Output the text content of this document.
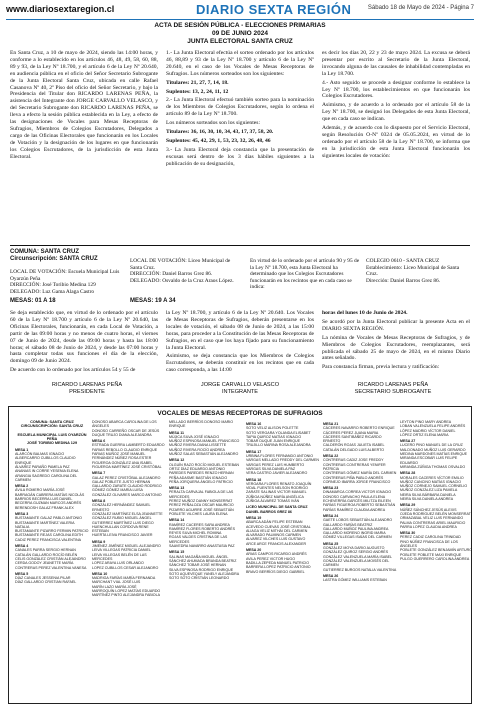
www.diariosextaregion.cl	DIARIO SEXTA REGIÓN	Sábado 18 de Mayo de 2024 - Página 7
ACTA DE SESIÓN PÚBLICA - ELECCIONES PRIMARIAS
09 DE JUNIO 2024
JUNTA ELECTORAL SANTA CRUZ

En Santa Cruz, a 10 de mayo de 2024, siendo las 14:00 horas, y conforme a lo establecido en los artículos 46, 48, 49, 58, 60, 88, 89 y 93, de la Ley Nº 18.700, y el artículo 6 de la Ley Nº 20.640, en audiencia pública en el oficio del Señor Secretario Subrogante de la Junta Electoral Santa Cruz, ubicada en calle Rafael Casanova Nº 40, 2º Piso del oficio del Señor Secretario, y bajo la Presidencia del Titular don RICARDO LARENAS PEÑA, la asistencia del Integrante don JORGE CARVALLO VELASCO, y del Secretario Subrogante don RICARDO LARENAS PEÑA, se lleva a efecto la sesión pública establecida en la Ley, a efecto de las designaciones de Vocales para Mesas Receptoras de Sufragios, Miembros de Colegios Escrutadores, Delegados a cargo de las Oficinas Electorales que funcionarán en los Locales de Votación y la designación de los lugares en que funcionarán los Colegios Escrutadores, de la jurisdicción de esta Junta Electoral.

1.- La Junta Electoral efectúa el sorteo ordenado por los artículos 46, 88,89 y 93 de la Ley Nº 18.700 y artículo 6 de la Ley Nº 20.640, en el caso de los Vocales de Mesas Receptoras de Sufragios. Los números sorteados son los siguientes:

Titulares: 21, 27, 7, 14, 18.

Suplentes: 13, 2, 24, 11, 12

2.- La Junta Electoral efectuó también sorteo para la nominación de los Miembros de Colegios Escrutadores, según lo ordena el artículo 89 de la Ley Nº 18.700.

Los números sorteados son los siguientes:

Titulares: 36, 16, 30, 10, 34, 43, 17, 37, 58, 20.

Suplentes: 45, 42, 29, 1, 53, 23, 32, 26, 48, 46

3.- La Junta Electoral deja constancia que la presentación de excusas será dentro de los 3 días hábiles siguientes a la publicación de su designación,

es decir los días 20, 22 y 23 de mayo 2024. La excusa se deberá presentar por escrito al Secretario de la Junta Electoral, invocando alguna de las causales de inhabilidad contempladas en la Ley 18.700.

4.- Asto seguido se procede a designar conforme lo establece la Ley Nº 18.700, los establecimientos en que funcionarán los Colegios Escrutadores.

Asimismo, y de acuerdo a lo ordenado por el artículo 58 de la Ley Nº 18.700, se designó los Delegados de esta Junta Electoral, que en cada caso se indican.

Además, y de acuerdo con lo dispuesto por el Servicio Electoral, según Resolución O-Nº 0324 de 05.05.2024, en virtud de lo ordenado por el artículo 58 de la Ley Nº 18.700, se informa que en la jurisdicción de esta Junta Electoral funcionarán los siguientes locales de votación:

COMUNA: SANTA CRUZ
Circunscripción: SANTA CRUZ
LOCAL DE VOTACIÓN: Escuela Municipal Luis Oyarzún Peña
DIRECCIÓN: José Toribio Medina 129
DELEGADO: Luz Gama Alaga Castro
LOCAL DE VOTACIÓN: Liceo Municipal de Santa Cruz.
DIRECCIÓN: Daniel Barros Grez 86.
DELEGADO: Osvaldo de la Cruz Araos López.
En virtud de lo ordenado por el artículo 90 y 95 de la Ley Nº 18.700, esta Junta Electoral ha determinado que los Colegios Escrutadores funcionarán en los recintos que en cada caso se indica:
COLEGIO 0610 - SANTA CRUZ
Establecimiento: Liceo Municipal de Santa Cruz.
Dirección: Daniel Barros Grez 86.
MESAS: 01 A 18	MESAS: 19 A 34

Se deja establecido que, en virtud de lo ordenado por el artículo 60 de la Ley Nº 18.700 y artículo 6 de la Ley Nº 20.640, las Oficinas Electorales, funcionarán, en cada Local de Votación, a partir de las 09:00 horas y no menos de cuatro horas, el viernes 07 de Junio de 2024, desde las 09:00 horas y hasta las 18:00 horas; el sábado 08 de Junio de 2024, y desde las 07:00 horas y hasta completar todas sus funciones el día de la elección, domingo 09 de Junio 2024.

De acuerdo con lo ordenado por los artículos 54 y 55 de

la Ley Nº 18.700, y artículo 6 de la Ley Nº 20.640. Los Vocales de Mesas Receptoras de Sufragios, deberán presentarse en los locales de votación, el sábado 08 de Junio de 2024, a las 15:00 horas, para proceder a la Constitución de las Mesas Receptoras de Sufragios, en el caso que los haya fijado para su funcionamiento la Junta Electoral.

Asimismo, se deja constancia que los Miembros de Colegios Escrutadores, se deberán constituir en los recintos que en cada caso corresponda, a las 14:00

horas del lunes 10 de Junio de 2024.

Se acordó por la Junta Electoral publicar la presente Acta en el DIARIO SEXTA REGIÓN.

La nómina de Vocales de Mesas Receptoras de Sufragios, y de Miembros de Colegios Escrutadores, reemplazantes, será publicada el sábado 25 de mayo de 2024, en el mismo Diario antes señalado.

Para constancia firman, previa lectura y ratificación:

RICARDO LARENAS PEÑA
PRESIDENTE
JORGE CARVALLO VELASCO
INTEGRANTE
RICARDO LARENAS PEÑA
SECRETARIO SUBROGANTE
VOCALES DE MESAS RECEPTORAS DE SUFRAGIOS
COMUNA: SANTA CRUZ
CIRCUNSCRIPCIÓN: SANTA CRUZ

ESCUELA MUNICIPAL LUIS OYARZÚN PEÑA
JOSÉ TORIBIO MEDINA 129
MESA 1
ALARCÓN BALMAS IGNACIO
ALBERCARRO CUBILLOS CLAUDIO ENRIQUE
ÁLVAREZ PARAÑO PAMELA PAZ
ANANIAS IN CORRE YESENIA ELENA
ARANGIA SAGREDO CAROLINA DEL CARMEN
MESA 2
ÁVILA ROMERO MARÍA JOSÉ
BARRAGÁN CABRERA MATÍAS NICOLÁS
BARRIOS BECERRA LUIS DANIEL
BECERRA GUZMAN MARCOS ANDRÉS
BERENDOSH GALAZ FRANK ALEX
MESA 3
BUSTAMANTE GALAZ PABLO ANTONIO
BUSTAMANTE MARTÍNEZ VALERIA NATALIA
BUSTAMANTE PIZARRO FERMIN PATRICIO
BUSTAMANTE REJAS CAROLINA EDITH
CADIZ PEREZ FRANCISCA VALENTINA
MESA 4
CANALES PARRA SERGIO HERNAN
CATALÁN GALLARDO ROCÍO BELÉN
CELIS GONZÁLEZ CRISTIÁN ALEJANDRO
CERDA GODOY JEANETTE MARÍA
CONTRERAS PEREZ VALENTINA VANESA
MESA 5
DÍAZ CANALES JESSENIA PILAR
DÍAZ GALLARDO CRISTIAN RAFAEL
DONOSO ABARCA CAROLINA DE LOS ÁNGELES
DONOSO CARREÑO OSCAR DE JESÚS
DUQUE TRUJO DIANA ALEJANDRA
MESA 6
ESTRADA GUERRA LAMBERTO EDUARDO
FARIAS REBOLLO CLAUDIO ENRIQUE
FARIAS MUÑOZ JOSÉ MANUEL
FERNÁNDEZ NÚÑEZ ROSA ESTER
FIGUEROA GONZÁLEZ ANA ISABEL
FIGUEROA MARTÍNEZ JOSÉ CRISTÓBAL
MESA 7
GALAZ PEREZ CRISTÓBAL ALEJANDRO
GALAZ POBLETE JUSTO HERNAN
GALLARDO ZARATE CLAUDIO RODRIGO
GÓMEZ GÓMEZ MARÍA LUISA
GONZÁLEZ OLIVARES MARCO ANTONIO
MESA 8
GONZÁLEZ HERNÁNDEZ SAMUEL ERNESTO
GONZÁLEZ MARTÍNEZ ELSA JEANNETTE
GONZÁLEZ RUBIO MIGUEL ÁNGEL
GUTIERREZ MARTÍNEZ LUIS DIEGO
HUENCHULLAN CORDOVA RENE ESTEBAN
HUERTA LEIVA FRANCISCO JAVIER
MESA 9
JIMÉNEZ JIMÉNEZ MIGUEL ALEJANDRO
LEIVA VILLEGAS PATRICIA DANIEL
LEIVA VILLEGAS BELÉN DE LAS MERCEDES
LOPEZ ARAYA LUIS ORLANDO
LOPEZ CUBILLOS CESAR ALEJANDRO
MESA 10
MADRIGA FARÍAS MARÍA FERNANDA
MARCHANT VIAL JOSÉ LUIS
MARÍN LAZO MARÍA JOSÉ
MARROQUÍN LOPEZ MATÍAS EDUARDO
MARTÍNEZ PINTO ALEJANDRA FABIOLA
MELLADO BERRÍOS DONOSO MARIO ENRIQUE
MESA 11
MÚJICA SILVA JOSÉ IGNACIO
MUÑOZ ESPINOSA MANUEL FRANCISCO
MUÑOZ RIVERA DIANA LISSETTE
MUÑOZ RIVERA ROCÍO ANDREA
MUÑOZ SALAS SEBASTIÁN ALEJANDRO
MESA 12
OLGUÍN RAZO ROCÍO MIGUEL ESTEBAN
ORTIZ DÍAZ EDUARDO ANTONIO
PAREDES PAREDES RENZO HERNAN
PEÑA ADASME BASTIÁN IGNACIO
PEÑA JORQUERA ÁNGELO PATRICIO
MESA 13
PERALTA CARVAJAL FABIOLA DE LAS MERCEDES
PEREZ MUÑOZ DANNY MONSERRAT
PEREZ PEÑALOZA OSCAR MAURICIO
PIZARRO AGUIRRE JOSÉ SEBASTIÁN
POBLETE VILCHES LAURA ELENA
MESA 14
RAMÍREZ CACERES SARA ANDREA
RAMÍREZ FLORES ROBERTO ANDRÉS
REYES SILVA MICHEL ROMINA
ROJAS VALDES CRISTINA DE LAS MERCEDES
SAAVEDRA NAVARRO ANASTASIA PAZ
MESA 15
SALINAS MAGAÑA MIGUEL ÁNGEL
SÁNCHEZ AHUMADA BRANDA BEATRIZ
SÁNCHEZ TOBAR JOSÉ HERNAN
SILVA ESPINOSA RODRIGO ENRIQUE
SOTO AQUEVEQUE YANELY ALEJANDRA
SOTO SOTO CRISTIÁN LEONARDO
MESA 16
SOTO VELIZ ALISON POLETTE
SOTO VERGARA YOLANDA ELISABET
TAPIA QUIROZ MATÍAS IGNACIO
TOBAR DUQUE JUAN ENRIQUE
TRUJILLO MARINA ROSA ALEJANDRA
MESA 17
URBINA FLORES FERNANDO ANTONIO
VARGAS MELLADO FREDDY DEL CARMEN
VARGAS PEREZ LUIS HUMBERTO
VARGAS SILVA DANIELA PAZ
VERA CASTRO JAVIER ALEJANDRO
MESA 18
VERGARA FLORES RENATO JOAQUÍN
VIDAL FUENTES NELSON RODRIGO
ZARATE SALINAS VICTOR MANUEL
ZÚÑIGA NÚÑEZ MARÍA ANGÉLICA
ZÚÑIGA ÁLVAREZ TOMÁS IVÁN
LICEO MUNICIPAL DE SANTA CRUZ
DANIEL BARROS GREZ 86
MESA 19
ABARCA ADÁN FELIPE ESTEBAN
ACEVEDO CUEVAS JOSÉ CRISTOBAL
ALIAGA VELIZ MITHÁI DEL CARMEN
ALVARADO PALMINOS CARMEN
ALVAREZ VILCHES LUIS GUSTAVO
ARCE ARCE FRANCIS ALEXANDER
MESA 20
ARIAS CAMPOS RICARDO ANDRÉS
AVILA PEREZ VICTOR HUGO
BADILLA ZEPEDA MANUEL PATRICIO
BARRERA LOPEZ PATRICIO ANTONIO
BRAVO BERRÍOS DIEGO GABRIEL
MESA 21
CÁCERES NAVARRO ROBERTO ENRIQUE
CÁCERES PEREZ JUANA MARIA
CÁCERES SANTIBÁÑEZ RICARDO ERNESTO
CALDERÓN ROJAS JULIETA ISABEL
CATALÁN DELGADO LUIS ALBERTO
MESA 22
CONTRERAS CADIZ JOSE FREDDY
CONTRERAS CONTRERAS YENIFER PATRICIA
CONTRERAS GÓMEZ MARÍA DEL CARMEN
CONTRERAS PIÑA PABLO ANDRÉS
CORNEJO IBARRA JORGE FRANCISCO
MESA 23
DINAMARCA CORREA VICTOR IGNACIO
DONOSO CARVACHO PAULA ELENA
ECHEVERRÍA GARCÉS MILITZA EILEEN
FARÍAS FIGUEROA ROBERTO SEBASTIÁN
FARÍAS RAMÍREZ CLAUDIA ANDREA
MESA 24
GAETE LOBOS SEBASTIÁN ALEJANDRO
GALLARDO FARÍAS BEATRIZ
GALLARDO MUÑOZ PAULINA ANDREA
GALLARDO MORENO INGRID MARIA
GÓMEZ VILLEGAS ISAÍAS DEL CARMEN
MESA 25
GONZÁLEZ MOYA DARIO AUGUSTO
GONZÁLEZ QUIROZ SERGIO ANDRÉS
GONZÁLEZ VALENZUELA MARÍA ISABEL
GONZÁLEZ VALENZUELA MOISÉS DEL CARMEN
GUTIERREZ BURGOS NATALIA VALENTINA
MESA 26
LASTRA GÓMEZ WILLIAMS ESTEBAN
LEYTON PINO MARY ANDREA
LOBAN VALENZUELA FELIPE ANDRÉS
LÓPEZ MADRID VÍCTOR DANIEL
LÓPEZ ORTIZ ELENA MARIA
MESA 27
LUCERO PINO MANUEL DE LA CRUZ
MALDONADO MUÑOZ LUIS GERARDO
MEDINA MARDONES MATÍAS ENRIQUE
MIRANDA ESCOBAR LUIS FELIPE EDUARDO
MIRANDA ZÚÑIGA THOMAS OSVALDO
MESA 28
MORALES CACERES VÍCTOR EMILIO
MUÑOZ CANCINO MATÍAS IGNACIO
MUÑOZ CORNEJO SAMUEL CORNELIO
MUÑOZ GONZÁLEZ LIZA PAMELA
NEIRA SILVA BÁRBARA DANIELA
NEIRA SILVA DANIELA ANDREA
MESA 29
NÚÑEZ SÁNCHEZ JESÚS ALEXIS
OJEDA RODRÍGUEZ BELÉN MONSERRAT
ORMAZABAL VELIZ LUIS FERNANDO
PALMA CONTRERAS ARIEL MAURICIO
PARRA LOPEZ CLAUDIA ANDREA
MESA 30
PEREZ CADIZ CAROLINA TRINIDAD
PINO NÚÑEZ FRANCISCA DE LOS ÁNGELES
POBLETE GONZÁLEZ BENJAMÍN ARTURO
POBLETE POBLETE MAXI ENRIQUE
PULGO GUERRERO CAROLINA ANDREA
